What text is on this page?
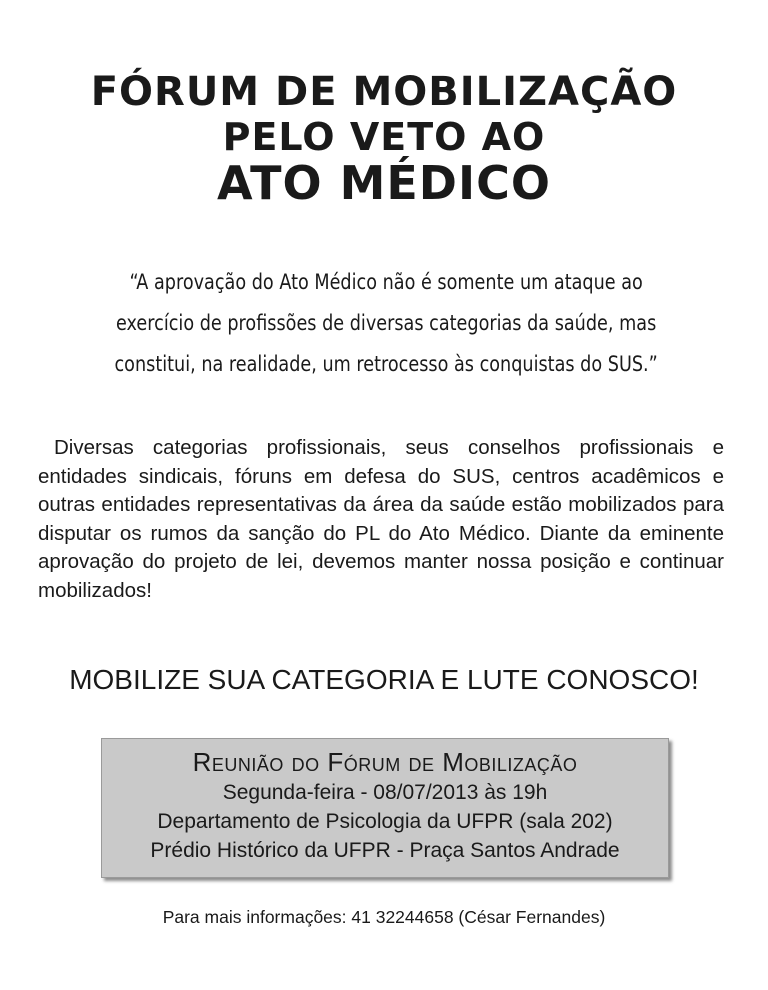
FÓRUM DE MOBILIZAÇÃO
PELO VETO AO
ATO MÉDICO
“A aprovação do Ato Médico não é somente um ataque ao
exercício de profissões de diversas categorias da saúde, mas
constitui, na realidade, um retrocesso às conquistas do SUS.”
Diversas categorias profissionais, seus conselhos profissionais e entidades sindicais, fóruns em defesa do SUS, centros acadêmicos e outras entidades representativas da área da saúde estão mobilizados para disputar os rumos da sanção do PL do Ato Médico. Diante da eminente aprovação do projeto de lei, devemos manter nossa posição e continuar mobilizados!
MOBILIZE SUA CATEGORIA E LUTE CONOSCO!
Reunião do Fórum de Mobilização
Segunda-feira - 08/07/2013 às 19h
Departamento de Psicologia da UFPR (sala 202)
Prédio Histórico da UFPR - Praça Santos Andrade
Para mais informações: 41 32244658 (César Fernandes)
